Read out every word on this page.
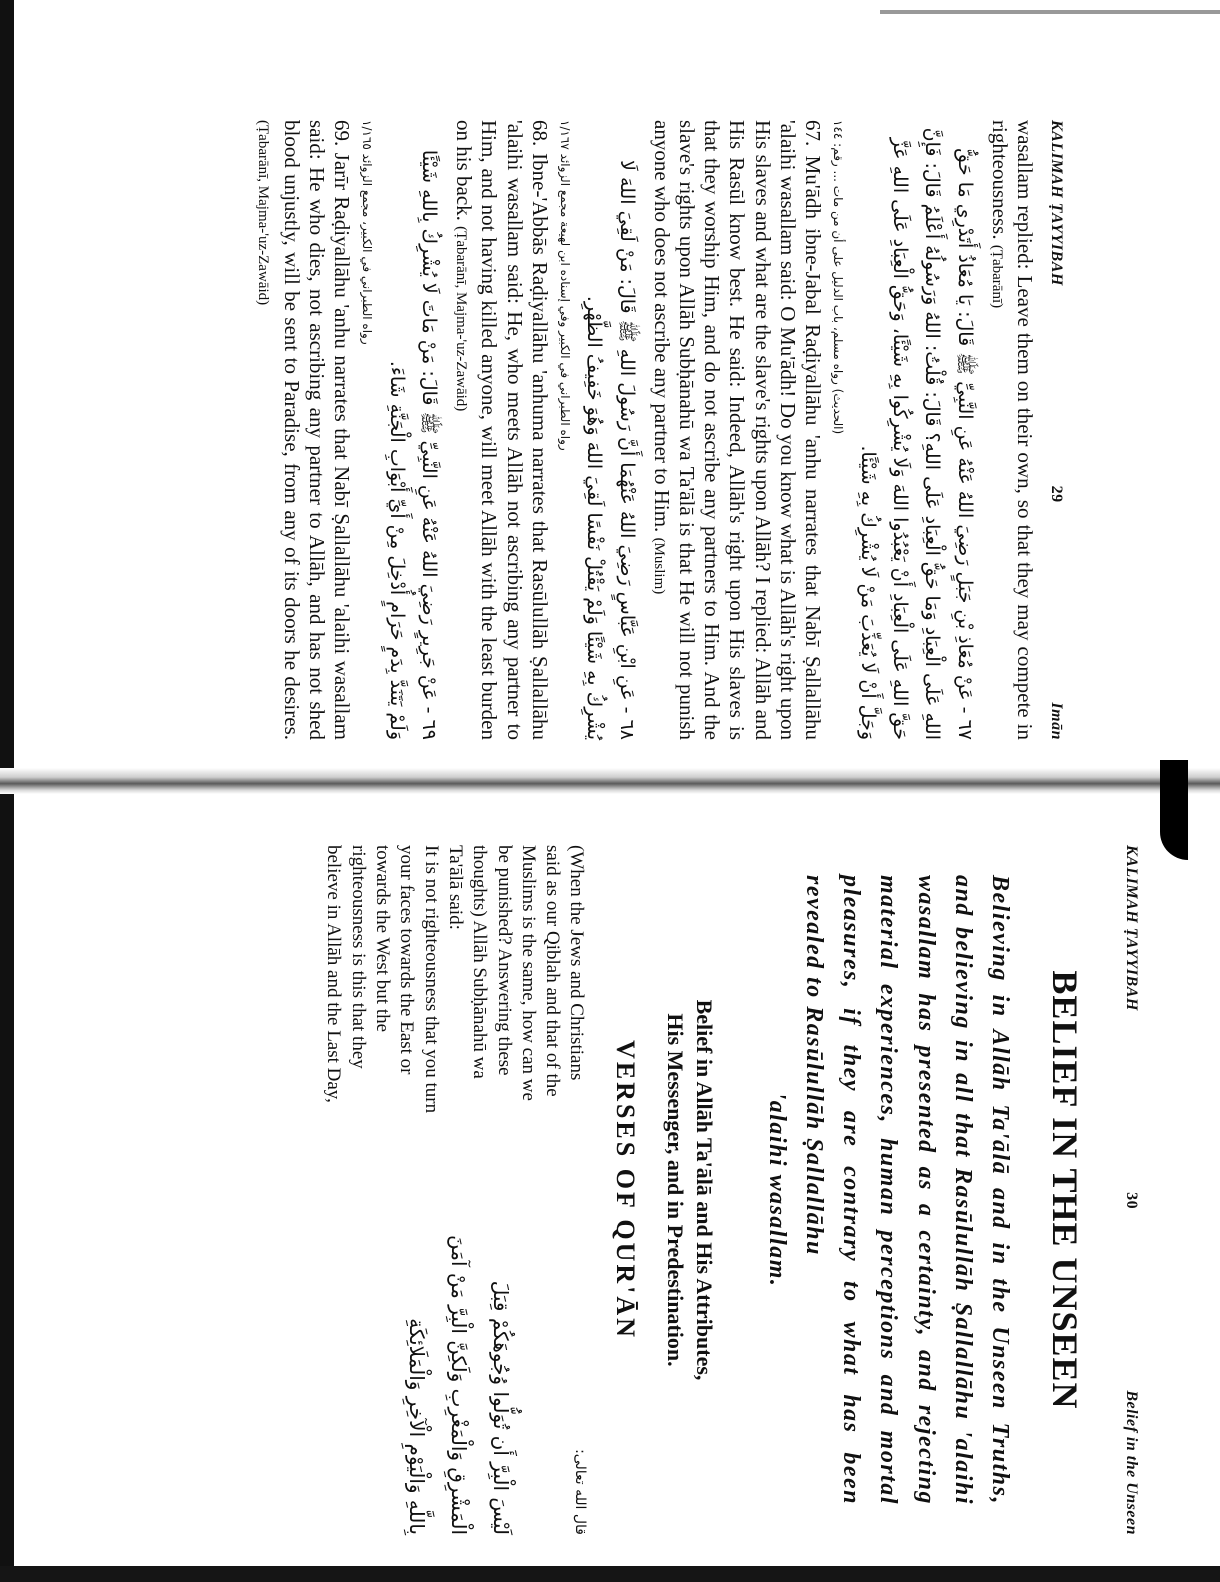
KALIMAH ṬAYYIBAH
29
Imān

wasallam replied: Leave them on their own, so that they may compete in righteousness. (Ṭabarānī)

٦٧ - عَنْ مُعَاذِ بْنِ جَبَلٍ رَضِيَ اللهُ عَنْهُ عَنِ النَّبِيِّ ﷺ قَالَ: يَا مُعَاذُ أَتَدْرِي مَا حَقُّ اللهِ عَلَى الْعِبَادِ وَمَا حَقُّ الْعِبَادِ عَلَى اللهِ؟ قَالَ: قُلْتُ: اللهُ وَرَسُولُهُ أَعْلَمُ قَالَ: فَإِنَّ حَقَّ اللهِ عَلَى الْعِبَادِ أَنْ يَعْبُدُوا اللهَ وَلَا يُشْرِكُوا بِهِ شَيْئًا، وَحَقُّ الْعِبَادِ عَلَى اللهِ عَزَّ وَجَلَّ أَنْ لَا يُعَذِّبَ مَنْ لَا يُشْرِكُ بِهِ شَيْئًا.
(الحديث) رواه مسلم، باب الدليل على أن من مات ... رقم: ١٤٤

67. Mu'ādh ibne-Jabal Raḍiyallāhu 'anhu narrates that Nabī Ṣallallāhu 'alaihi wasallam said: O Mu'ādh! Do you know what is Allāh's right upon His slaves and what are the slave's rights upon Allāh? I replied: Allāh and His Rasūl know best. He said: Indeed, Allāh's right upon His slaves is that they worship Him, and do not ascribe any partners to Him. And the slave's rights upon Allāh Subḥānahū wa Ta'ālā is that He will not punish anyone who does not ascribe any partner to Him. (Muslim)

٦٨ - عَنِ ابْنِ عَبَّاسٍ رَضِيَ اللهُ عَنْهُمَا أَنَّ رَسُولَ اللهِ ﷺ قَالَ: مَنْ لَقِيَ اللهَ لَا يُشْرِكُ بِهِ شَيْئًا وَلَمْ يَقْتُلْ نَفْسًا لَقِيَ اللهَ وَهُوَ خَفِيفُ الظَّهْرِ.
رواه الطبراني في الكبير وفي إسناده ابن لهيعة مجمع الزوائد ١/١٦٧

68. Ibne-'Abbās Raḍiyallāhu 'anhuma narrates that Rasūlullāh Ṣallallāhu 'alaihi wasallam said: He, who meets Allāh not ascribing any partner to Him, and not having killed anyone, will meet Allāh with the least burden on his back. (Ṭabarānī, Majma-'uz-Zawāid)

٦٩ - عَنْ جَرِيرٍ رَضِيَ اللهُ عَنْهُ عَنِ النَّبِيِّ ﷺ قَالَ: مَنْ مَاتَ لَا يُشْرِكُ بِاللهِ شَيْئًا وَلَمْ يَتَنَدَّ بِدَمٍ حَرَامٍ أُدْخِلَ مِنْ أَيِّ أَبْوَابِ الْجَنَّةِ شَاءَ.
رواه الطبراني في الكبير، مجمع الزوائد ١/١٦٥

69. Jarīr Raḍiyallāhu 'anhu narrates that Nabī Ṣallallāhu 'alaihi wasallam said: He who dies, not ascribing any partner to Allāh, and has not shed blood unjustly, will be sent to Paradise, from any of its doors he desires. (Ṭabarānī, Majma-'uz-Zawāid)

KALIMAH ṬAYYIBAH
30
Belief in the Unseen
BELIEF IN THE UNSEEN
Believing in Allāh Ta'ālā and in the Unseen Truths, and believing in all that Rasūlullāh Ṣallallāhu 'alaihi wasallam has presented as a certainty, and rejecting material experiences, human perceptions and mortal pleasures, if they are contrary to what has been revealed to Rasūlullāh Ṣallallāhu
'alaihi wasallam.
Belief in Allāh Ta'ālā and His Attributes,
His Messenger, and in Predestination.
VERSES OF QUR'ĀN

(When the Jews and Christians

said as our Qiblah and that of the

Muslims is the same, how can we

be punished? Answering these

thoughts) Allāh Subḥānahū wa

Ta'ālā said:

It is not righteousness that you turn

your faces towards the East or

towards the West but the

righteousness is this that they

believe in Allāh and the Last Day,

قال الله تعالى:
لَيْسَ الْبِرَّ أَن تُوَلُّوا وُجُوهَكُمْ قِبَلَ
الْمَشْرِقِ وَالْمَغْرِبِ وَلَكِنَّ الْبِرَّ مَنْ آمَنَ
بِاللَّهِ وَالْيَوْمِ الْآخِرِ وَالْمَلَائِكَةِ
